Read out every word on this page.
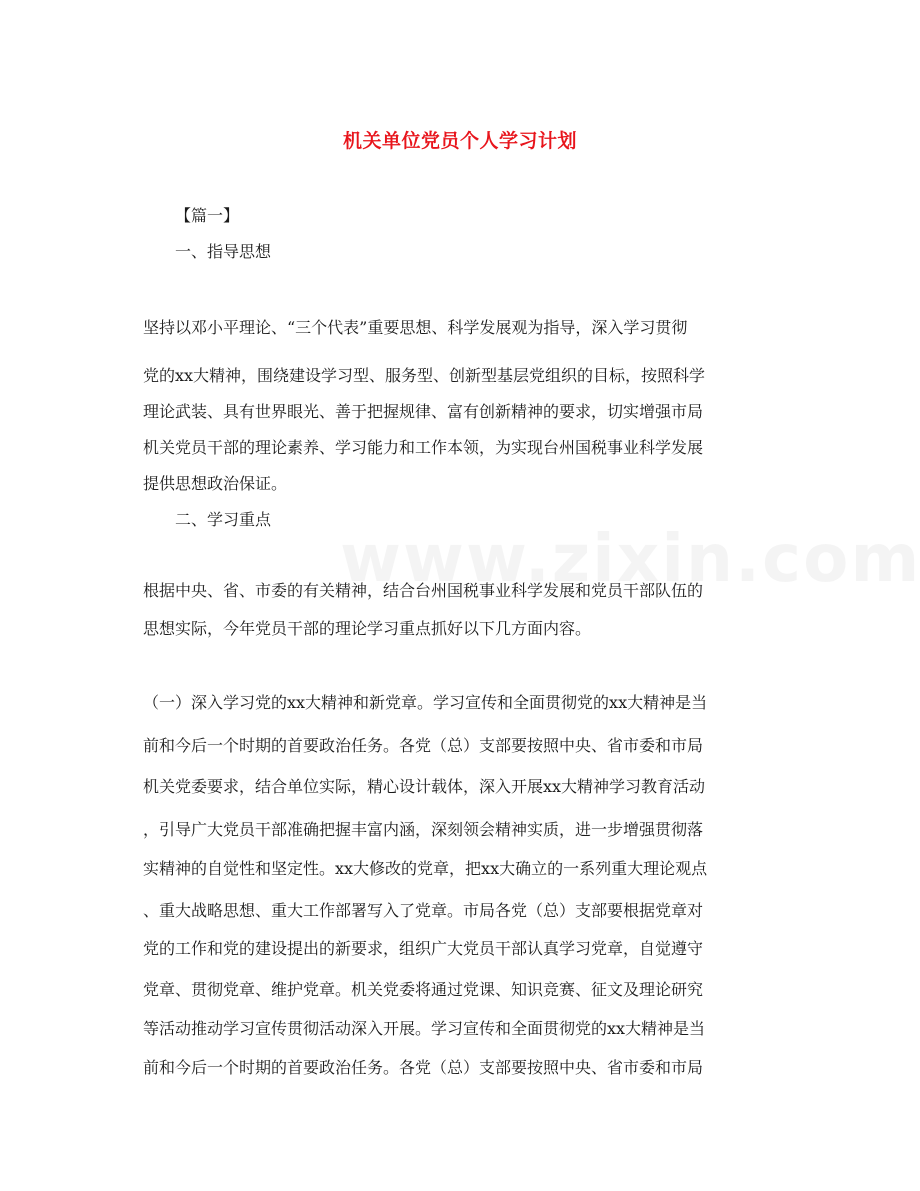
机关单位党员个人学习计划

【篇一】

一、指导思想

坚持以邓小平理论、“三个代表”重要思想、科学发展观为指导，深入学习贯彻

党的xx大精神，围绕建设学习型、服务型、创新型基层党组织的目标，按照科学

理论武装、具有世界眼光、善于把握规律、富有创新精神的要求，切实增强市局

机关党员干部的理论素养、学习能力和工作本领，为实现台州国税事业科学发展

提供思想政治保证。

二、学习重点

根据中央、省、市委的有关精神，结合台州国税事业科学发展和党员干部队伍的

思想实际，今年党员干部的理论学习重点抓好以下几方面内容。

（一）深入学习党的xx大精神和新党章。学习宣传和全面贯彻党的xx大精神是当

前和今后一个时期的首要政治任务。各党（总）支部要按照中央、省市委和市局

机关党委要求，结合单位实际，精心设计载体，深入开展xx大精神学习教育活动

，引导广大党员干部准确把握丰富内涵，深刻领会精神实质，进一步增强贯彻落

实精神的自觉性和坚定性。xx大修改的党章，把xx大确立的一系列重大理论观点

、重大战略思想、重大工作部署写入了党章。市局各党（总）支部要根据党章对

党的工作和党的建设提出的新要求，组织广大党员干部认真学习党章，自觉遵守

党章、贯彻党章、维护党章。机关党委将通过党课、知识竞赛、征文及理论研究

等活动推动学习宣传贯彻活动深入开展。学习宣传和全面贯彻党的xx大精神是当

前和今后一个时期的首要政治任务。各党（总）支部要按照中央、省市委和市局
